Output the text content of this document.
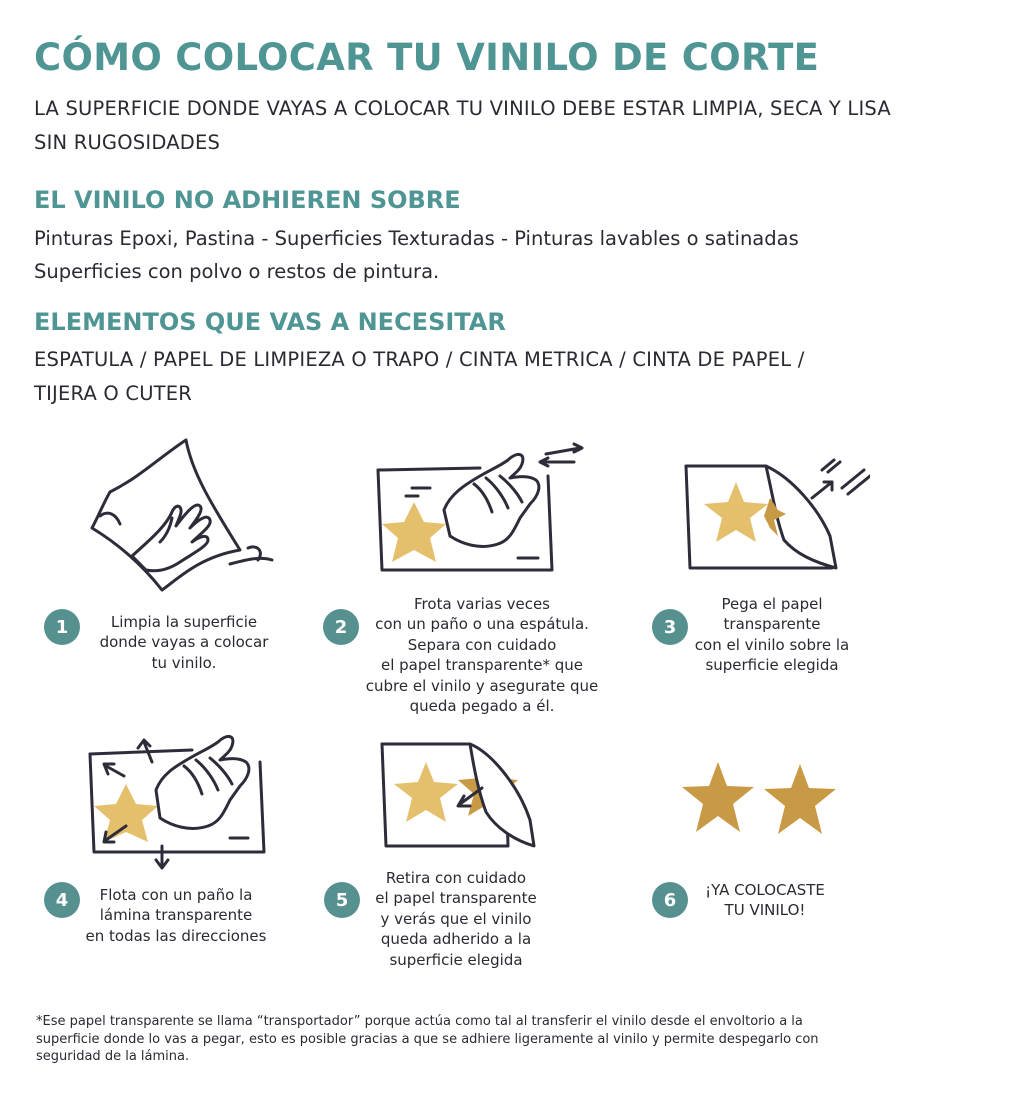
CÓMO COLOCAR TU VINILO DE CORTE
LA SUPERFICIE DONDE VAYAS A COLOCAR TU VINILO DEBE ESTAR LIMPIA, SECA Y LISA
SIN RUGOSIDADES
EL VINILO NO ADHIEREN SOBRE
Pinturas Epoxi, Pastina - Superficies Texturadas - Pinturas lavables o satinadas
Superficies con polvo o restos de pintura.
ELEMENTOS QUE VAS A NECESITAR
ESPATULA / PAPEL DE LIMPIEZA O TRAPO / CINTA METRICA / CINTA DE PAPEL /
TIJERA O CUTER
1	Limpia la superficie
donde vayas a colocar
tu vinilo.
2
Frota varias veces
con un paño o una espátula.
Separa con cuidado
el papel transparente* que
cubre el vinilo y asegurate que
queda pegado a él.
3
Pega el papel
transparente
con el vinilo sobre la
superficie elegida
4	Flota con un paño la
lámina transparente
en todas las direcciones
5
Retira con cuidado
el papel transparente
y verás que el vinilo
queda adherido a la
superficie elegida
6	¡YA COLOCASTE
TU VINILO!
*Ese papel transparente se llama “transportador” porque actúa como tal al transferir el vinilo desde el envoltorio a la
superficie donde lo vas a pegar, esto es posible gracias a que se adhiere ligeramente al vinilo y permite despegarlo con
seguridad de la lámina.
